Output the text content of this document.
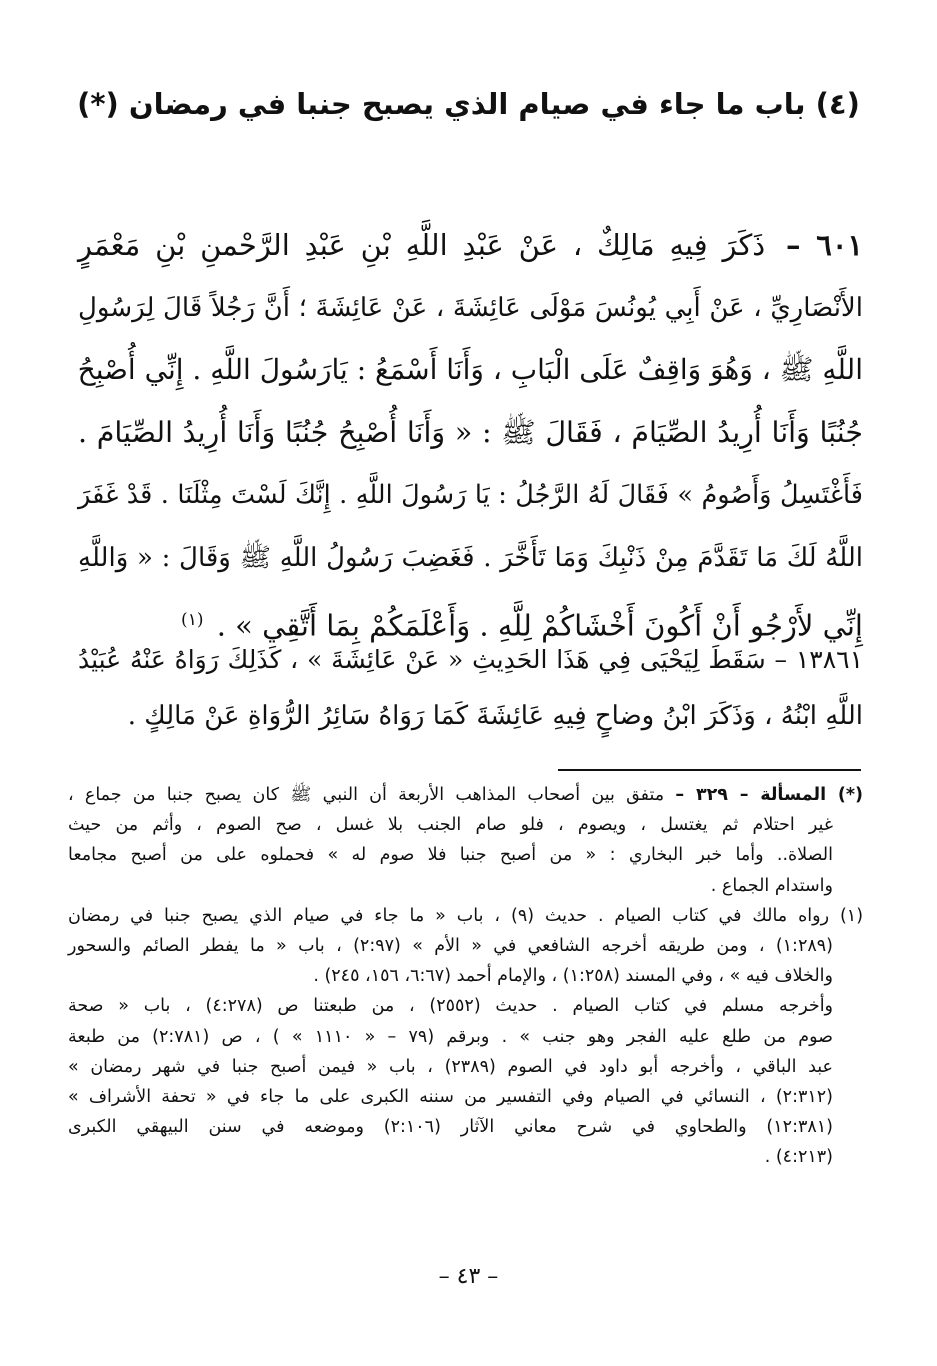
(٤) باب ما جاء في صيام الذي يصبح جنبا في رمضان (*)
٦٠١ – ذَكَرَ فِيهِ مَالِكٌ ، عَنْ عَبْدِ اللَّهِ بْنِ عَبْدِ الرَّحْمنِ بْنِ مَعْمَرٍ
الأَنْصَارِيِّ ، عَنْ أَبِي يُونُسَ مَوْلَى عَائِشَةَ ، عَنْ عَائِشَةَ ؛ أَنَّ رَجُلاً قَالَ لِرَسُولِ
اللَّهِ ﷺ ، وَهُوَ وَاقِفٌ عَلَى الْبَابِ ، وَأَنَا أَسْمَعُ : يَارَسُولَ اللَّهِ . إِنِّي أُصْبِحُ
جُنُبًا وَأَنَا أُرِيدُ الصِّيَامَ ، فَقَالَ ﷺ : « وَأَنَا أُصْبِحُ جُنُبًا وَأَنَا أُرِيدُ الصِّيَامَ .
فَأَغْتَسِلُ وَأَصُومُ » فَقَالَ لَهُ الرَّجُلُ : يَا رَسُولَ اللَّهِ . إِنَّكَ لَسْتَ مِثْلَنَا . قَدْ غَفَرَ
اللَّهُ لَكَ مَا تَقَدَّمَ مِنْ ذَنْبِكَ وَمَا تَأَخَّرَ . فَغَضِبَ رَسُولُ اللَّهِ ﷺ وَقَالَ : « وَاللَّهِ
إِنِّي لأَرْجُو أَنْ أَكُونَ أَخْشَاكُمْ لِلَّهِ . وَأَعْلَمَكُمْ بِمَا أَتَّقِي » . $^{(١)}$
١٣٨٦١ – سَقَطَ لِيَحْيَى فِي هَذَا الحَدِيثِ « عَنْ عَائِشَةَ » ، كَذَلِكَ رَوَاهُ عَنْهُ عُبَيْدُ
اللَّهِ ابْنُهُ ، وَذَكَرَ ابْنُ وضاحٍ فِيهِ عَائِشَةَ كَمَا رَوَاهُ سَائِرُ الرُّوَاةِ عَنْ مَالِكٍ .
(*) المسألة – ٣٢٩ – متفق بين أصحاب المذاهب الأربعة أن النبي ﷺ كان يصبح جنبا من جماع ،
غير احتلام ثم يغتسل ، ويصوم ، فلو صام الجنب بلا غسل ، صح الصوم ، وأثم من حيث
الصلاة.. وأما خبر البخاري : « من أصبح جنبا فلا صوم له » فحملوه على من أصبح مجامعا
واستدام الجماع .
(١) رواه مالك في كتاب الصيام . حديث (٩) ، باب « ما جاء في صيام الذي يصبح جنبا في رمضان
(١:٢٨٩) ، ومن طريقه أخرجه الشافعي في « الأم » (٢:٩٧) ، باب « ما يفطر الصائم والسحور
والخلاف فيه » ، وفي المسند (١:٢٥٨) ، والإمام أحمد (٦:٦٧، ١٥٦، ٢٤٥) .
وأخرجه مسلم في كتاب الصيام . حديث (٢٥٥٢) ، من طبعتنا ص (٤:٢٧٨) ، باب « صحة
صوم من طلع عليه الفجر وهو جنب » . وبرقم (٧٩ – « ١١١٠ » ) ، ص (٢:٧٨١) من طبعة
عبد الباقي ، وأخرجه أبو داود في الصوم (٢٣٨٩) ، باب « فيمن أصبح جنبا في شهر رمضان »
(٢:٣١٢) ، النسائي في الصيام وفي التفسير من سننه الكبرى على ما جاء في « تحفة الأشراف »
(١٢:٣٨١) والطحاوي في شرح معاني الآثار (٢:١٠٦) وموضعه في سنن البيهقي الكبرى
(٤:٢١٣) .
– ٤٣ –
